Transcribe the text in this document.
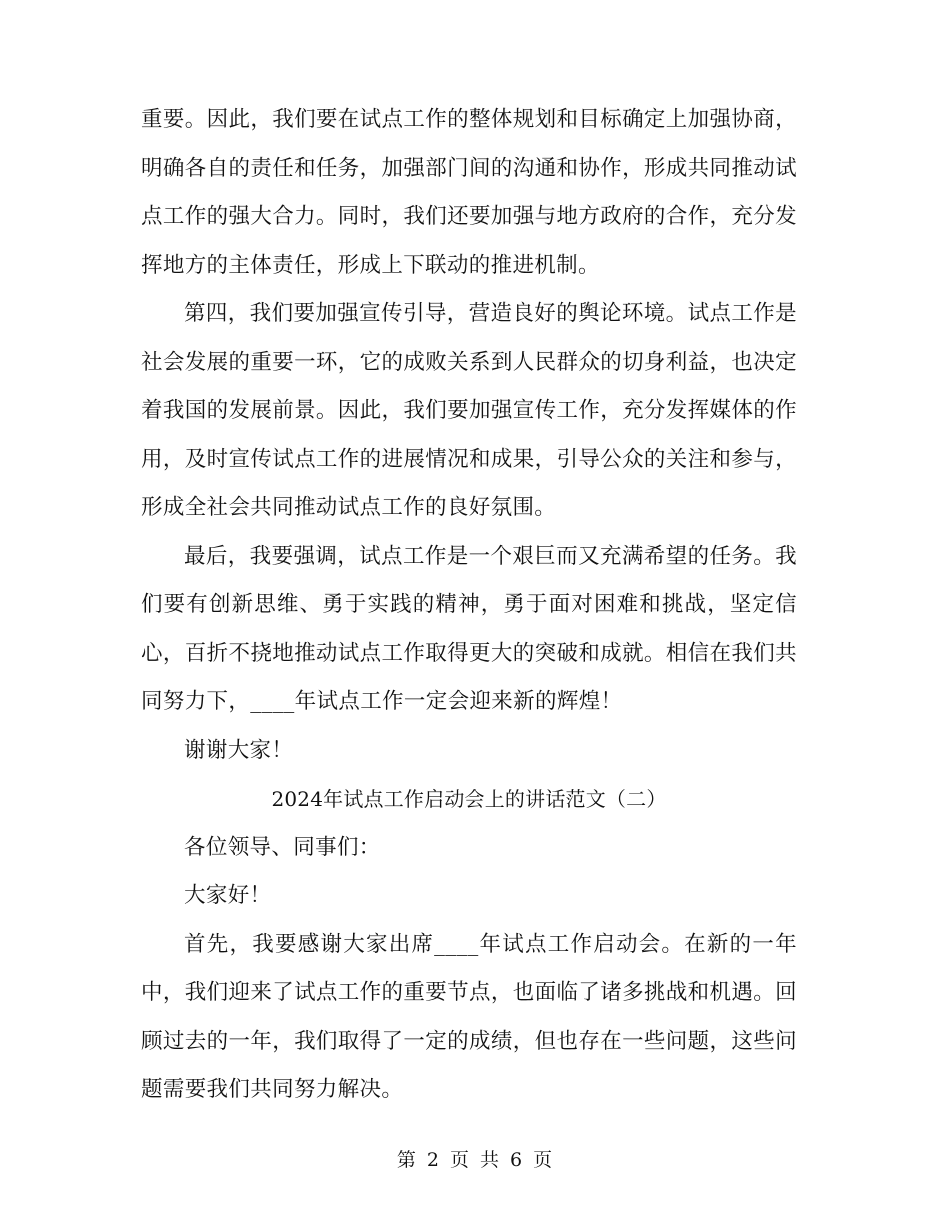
重要。因此，我们要在试点工作的整体规划和目标确定上加强协商，明确各自的责任和任务，加强部门间的沟通和协作，形成共同推动试点工作的强大合力。同时，我们还要加强与地方政府的合作，充分发挥地方的主体责任，形成上下联动的推进机制。

第四，我们要加强宣传引导，营造良好的舆论环境。试点工作是社会发展的重要一环，它的成败关系到人民群众的切身利益，也决定着我国的发展前景。因此，我们要加强宣传工作，充分发挥媒体的作用，及时宣传试点工作的进展情况和成果，引导公众的关注和参与，形成全社会共同推动试点工作的良好氛围。

最后，我要强调，试点工作是一个艰巨而又充满希望的任务。我们要有创新思维、勇于实践的精神，勇于面对困难和挑战，坚定信心，百折不挠地推动试点工作取得更大的突破和成就。相信在我们共同努力下，____年试点工作一定会迎来新的辉煌！

谢谢大家！

2024年试点工作启动会上的讲话范文（二）

各位领导、同事们：

大家好！

首先，我要感谢大家出席____年试点工作启动会。在新的一年中，我们迎来了试点工作的重要节点，也面临了诸多挑战和机遇。回顾过去的一年，我们取得了一定的成绩，但也存在一些问题，这些问题需要我们共同努力解决。

第 2 页 共 6 页
